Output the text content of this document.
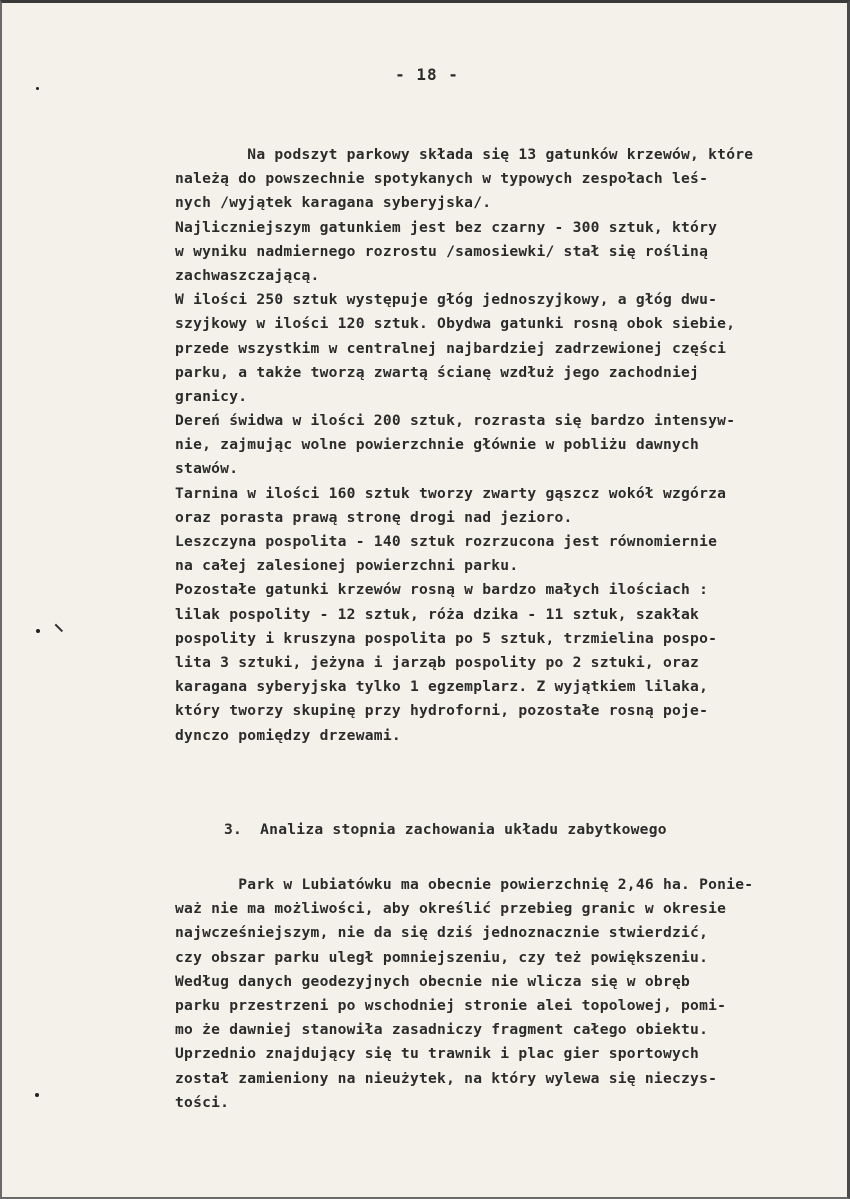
- 18 -
Na podszyt parkowy składa się 13 gatunków krzewów, które
należą do powszechnie spotykanych w typowych zespołach leś-
nych /wyjątek karagana syberyjska/.
Najliczniejszym gatunkiem jest bez czarny - 300 sztuk, który
w wyniku nadmiernego rozrostu /samosiewki/ stał się rośliną
zachwaszczającą.
W ilości 250 sztuk występuje głóg jednoszyjkowy, a głóg dwu-
szyjkowy w ilości 120 sztuk. Obydwa gatunki rosną obok siebie,
przede wszystkim w centralnej najbardziej zadrzewionej części
parku, a także tworzą zwartą ścianę wzdłuż jego zachodniej
granicy.
Dereń świdwa w ilości 200 sztuk, rozrasta się bardzo intensyw-
nie, zajmując wolne powierzchnie głównie w pobliżu dawnych
stawów.
Tarnina w ilości 160 sztuk tworzy zwarty gąszcz wokół wzgórza
oraz porasta prawą stronę drogi nad jezioro.
Leszczyna pospolita - 140 sztuk rozrzucona jest równomiernie
na całej zalesionej powierzchni parku.
Pozostałe gatunki krzewów rosną w bardzo małych ilościach :
lilak pospolity - 12 sztuk, róża dzika - 11 sztuk, szakłak
pospolity i kruszyna pospolita po 5 sztuk, trzmielina pospo-
lita 3 sztuki, jeżyna i jarząb pospolity po 2 sztuki, oraz
karagana syberyjska tylko 1 egzemplarz. Z wyjątkiem lilaka,
który tworzy skupinę przy hydroforni, pozostałe rosną poje-
dynczo pomiędzy drzewami.
3.  Analiza stopnia zachowania układu zabytkowego
Park w Lubiatówku ma obecnie powierzchnię 2,46 ha. Ponie-
waż nie ma możliwości, aby określić przebieg granic w okresie
najwcześniejszym, nie da się dziś jednoznacznie stwierdzić,
czy obszar parku uległ pomniejszeniu, czy też powiększeniu.
Według danych geodezyjnych obecnie nie wlicza się w obręb
parku przestrzeni po wschodniej stronie alei topolowej, pomi-
mo że dawniej stanowiła zasadniczy fragment całego obiektu.
Uprzednio znajdujący się tu trawnik i plac gier sportowych
został zamieniony na nieużytek, na który wylewa się nieczys-
tości.
